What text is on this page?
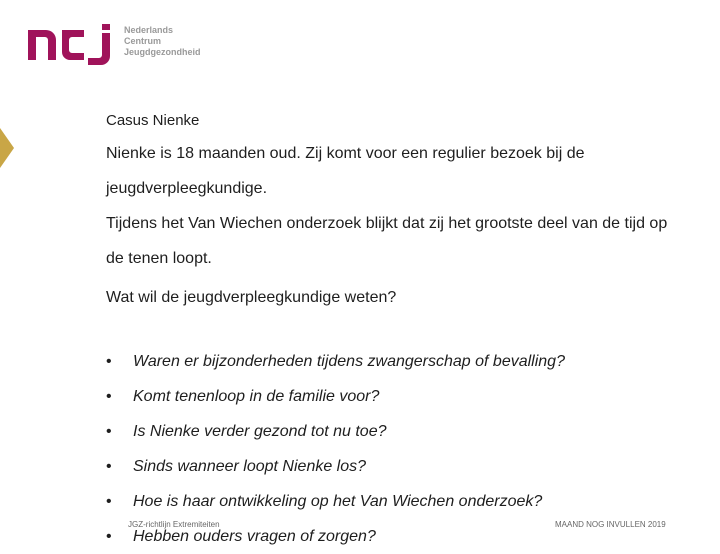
Nederlands
Centrum
Jeugdgezondheid

Casus Nienke

Nienke is 18 maanden oud. Zij komt voor een regulier bezoek bij de jeugdverpleegkundige.

Tijdens het Van Wiechen onderzoek blijkt dat zij het grootste deel van de tijd op de tenen loopt.

Wat wil de jeugdverpleegkundige weten?

• Waren er bijzonderheden tijdens zwangerschap of bevalling?
• Komt tenenloop in de familie voor?
• Is Nienke verder gezond tot nu toe?
• Sinds wanneer loopt Nienke los?
• Hoe is haar ontwikkeling op het Van Wiechen onderzoek?
• Hebben ouders vragen of zorgen?
JGZ-richtlijn Extremiteiten	MAAND NOG INVULLEN 2019
